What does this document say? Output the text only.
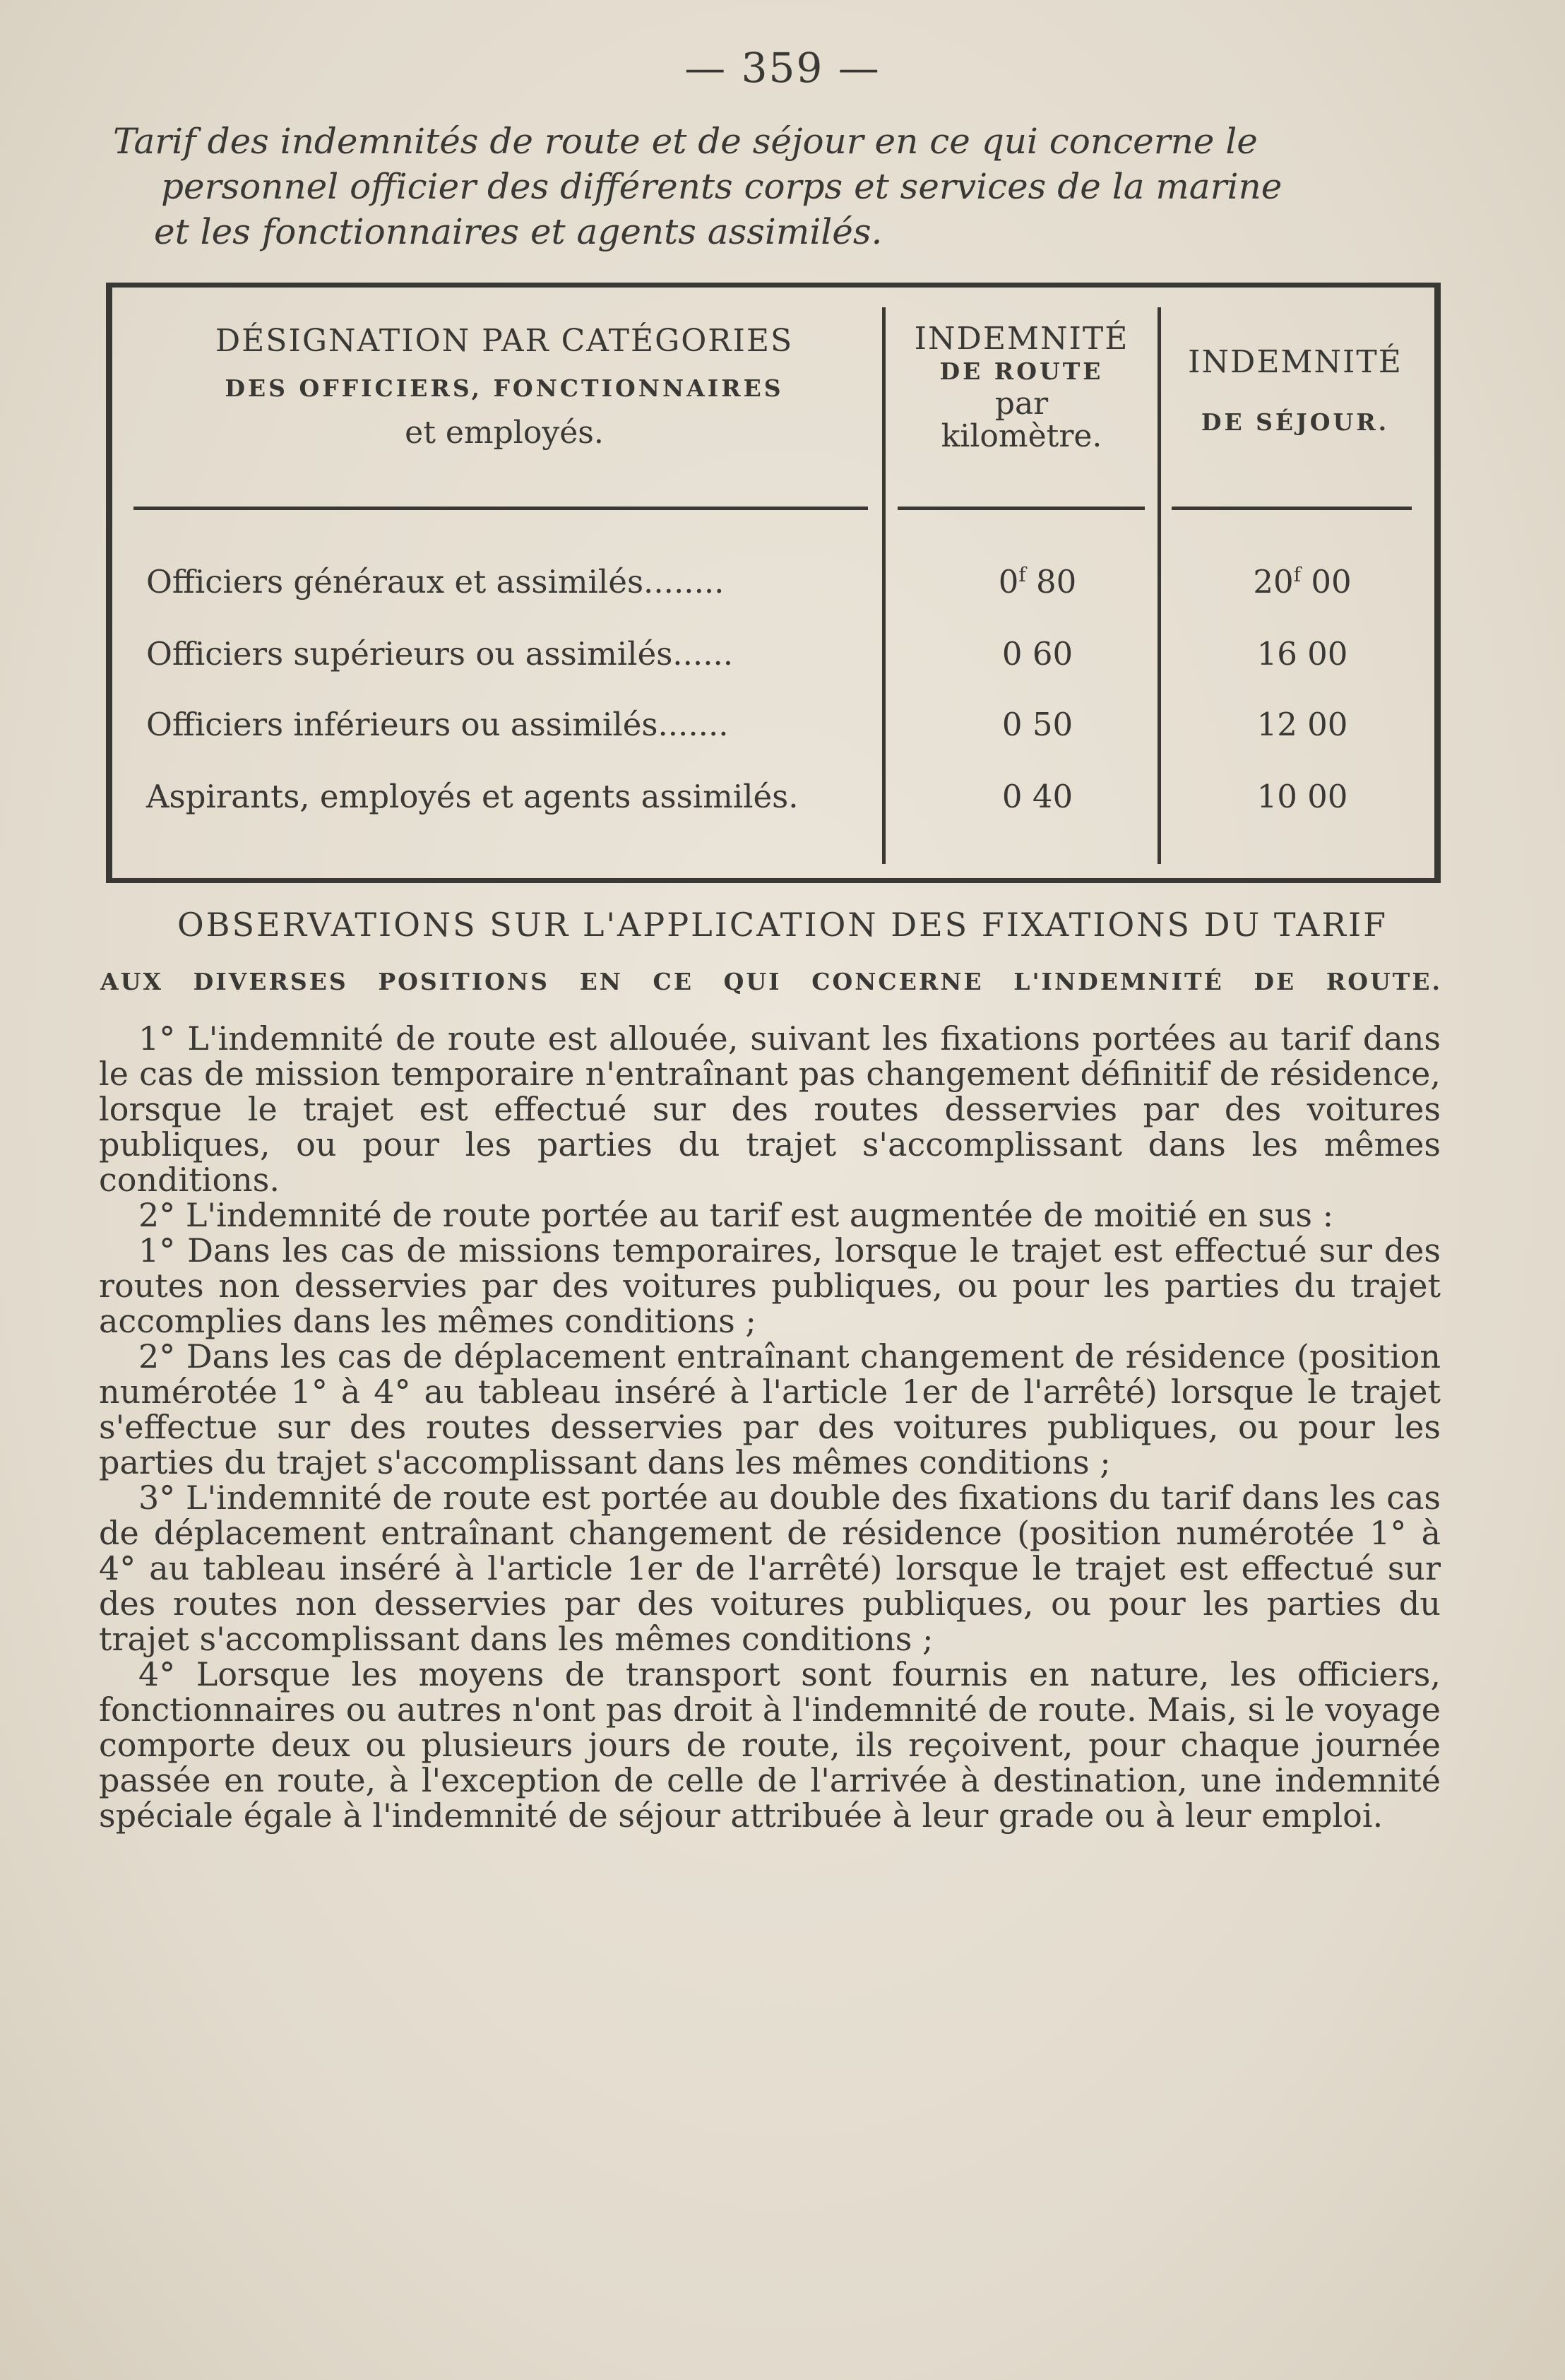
— 359 —
Tarif des indemnités de route et de séjour en ce qui concerne le
personnel officier des différents corps et services de la marine
et les fonctionnaires et agents assimilés.
DÉSIGNATION PAR CATÉGORIES
DES OFFICIERS, FONCTIONNAIRES
et employés.
INDEMNITÉ
DE ROUTE
par
kilomètre.
INDEMNITÉ
DE SÉJOUR.
Officiers généraux et assimilés........	0$^f$ 80	20$^f$ 00
Officiers supérieurs ou assimilés......	0 60	16 00
Officiers inférieurs ou assimilés.......	0 50	12 00
Aspirants, employés et agents assimilés.	0 40	10 00
OBSERVATIONS SUR L'APPLICATION DES FIXATIONS DU TARIF
AUX DIVERSES POSITIONS EN CE QUI CONCERNE L'INDEMNITÉ DE ROUTE.

1° L'indemnité de route est allouée, suivant les fixations portées au tarif dans le cas de mission temporaire n'entraînant pas changement définitif de résidence, lorsque le trajet est effectué sur des routes desservies par des voitures publiques, ou pour les parties du trajet s'accomplissant dans les mêmes conditions.

2° L'indemnité de route portée au tarif est augmentée de moitié en sus :

1° Dans les cas de missions temporaires, lorsque le trajet est effectué sur des routes non desservies par des voitures publiques, ou pour les parties du trajet accomplies dans les mêmes conditions ;

2° Dans les cas de déplacement entraînant changement de résidence (position numérotée 1° à 4° au tableau inséré à l'article 1er de l'arrêté) lorsque le trajet s'effectue sur des routes desservies par des voitures publiques, ou pour les parties du trajet s'accomplissant dans les mêmes conditions ;

3° L'indemnité de route est portée au double des fixations du tarif dans les cas de déplacement entraînant changement de résidence (position numérotée 1° à 4° au tableau inséré à l'article 1er de l'arrêté) lorsque le trajet est effectué sur des routes non desservies par des voitures publiques, ou pour les parties du trajet s'accomplissant dans les mêmes conditions ;

4° Lorsque les moyens de transport sont fournis en nature, les officiers, fonctionnaires ou autres n'ont pas droit à l'indemnité de route. Mais, si le voyage comporte deux ou plusieurs jours de route, ils reçoivent, pour chaque journée passée en route, à l'exception de celle de l'arrivée à destination, une indemnité spéciale égale à l'indemnité de séjour attribuée à leur grade ou à leur emploi.
